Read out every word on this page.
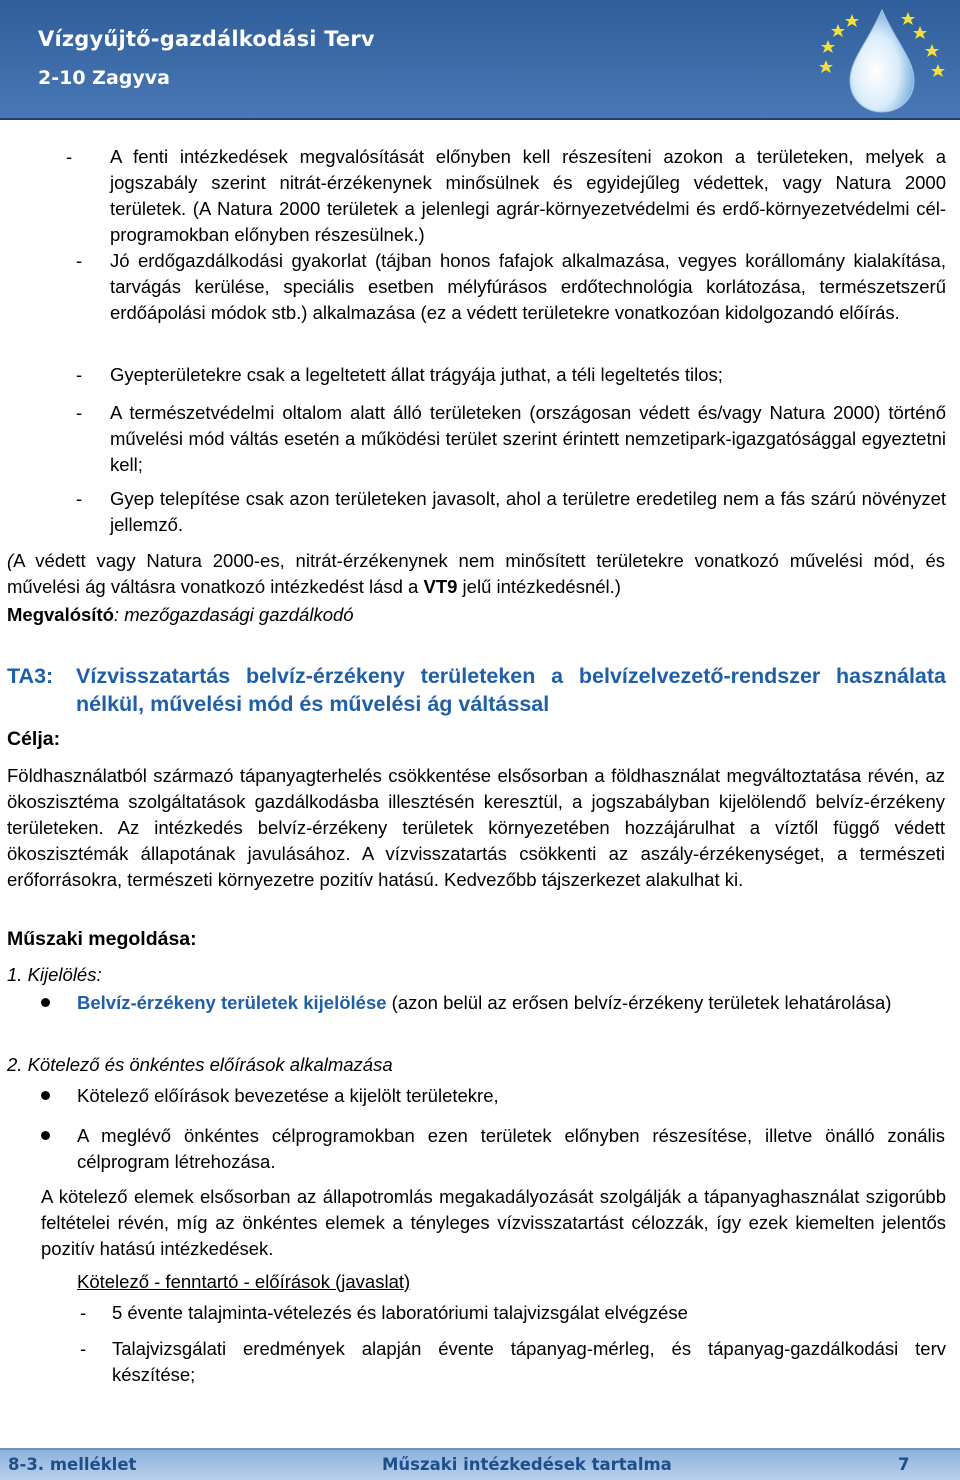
Vízgyűjtő-gazdálkodási Terv
2-10 Zagyva
- A fenti intézkedések megvalósítását előnyben kell részesíteni azokon a területeken, melyek a jogszabály szerint nitrát-érzékenynek minősülnek és egyidejűleg védettek, vagy Natura 2000 területek. (A Natura 2000 területek a jelenlegi agrár-környezetvédelmi és erdő-környezetvédelmi cél-programokban előnyben részesülnek.)
- Jó erdőgazdálkodási gyakorlat (tájban honos fafajok alkalmazása, vegyes korállomány kialakítása, tarvágás kerülése, speciális esetben mélyfúrásos erdőtechnológia korlátozása, természetszerű erdőápolási módok stb.) alkalmazása (ez a védett területekre vonatkozóan kidolgozandó előírás.
- Gyepterületekre csak a legeltetett állat trágyája juthat, a téli legeltetés tilos;
- A természetvédelmi oltalom alatt álló területeken (országosan védett és/vagy Natura 2000) történő művelési mód váltás esetén a működési terület szerint érintett nemzetipark-igazgatósággal egyeztetni kell;
- Gyep telepítése csak azon területeken javasolt, ahol a területre eredetileg nem a fás szárú növényzet jellemző.
(A védett vagy Natura 2000-es, nitrát-érzékenynek nem minősített területekre vonatkozó művelési mód, és művelési ág váltásra vonatkozó intézkedést lásd a VT9 jelű intézkedésnél.)
Megvalósító: mezőgazdasági gazdálkodó
TA3: Vízvisszatartás belvíz-érzékeny területeken a belvízelvezető-rendszer használata nélkül, művelési mód és művelési ág váltással
Célja:
Földhasználatból származó tápanyagterhelés csökkentése elsősorban a földhasználat megváltoztatása révén, az ökoszisztéma szolgáltatások gazdálkodásba illesztésén keresztül, a jogszabályban kijelölendő belvíz-érzékeny területeken. Az intézkedés belvíz-érzékeny területek környezetében hozzájárulhat a víztől függő védett ökoszisztémák állapotának javulásához. A vízvisszatartás csökkenti az aszály-érzékenységet, a természeti erőforrásokra, természeti környezetre pozitív hatású. Kedvezőbb tájszerkezet alakulhat ki.
Műszaki megoldása:
1. Kijelölés:
Belvíz-érzékeny területek kijelölése (azon belül az erősen belvíz-érzékeny területek lehatárolása)
2. Kötelező és önkéntes előírások alkalmazása
Kötelező előírások bevezetése a kijelölt területekre,
A meglévő önkéntes célprogramokban ezen területek előnyben részesítése, illetve önálló zonális célprogram létrehozása.
A kötelező elemek elsősorban az állapotromlás megakadályozását szolgálják a tápanyaghasználat szigorúbb feltételei révén, míg az önkéntes elemek a tényleges vízvisszatartást célozzák, így ezek kiemelten jelentős pozitív hatású intézkedések.
Kötelező - fenntartó - előírások (javaslat)
- 5 évente talajminta-vételezés és laboratóriumi talajvizsgálat elvégzése
- Talajvizsgálati eredmények alapján évente tápanyag-mérleg, és tápanyag-gazdálkodási terv készítése;
8-3. melléklet	Műszaki intézkedések tartalma	7
